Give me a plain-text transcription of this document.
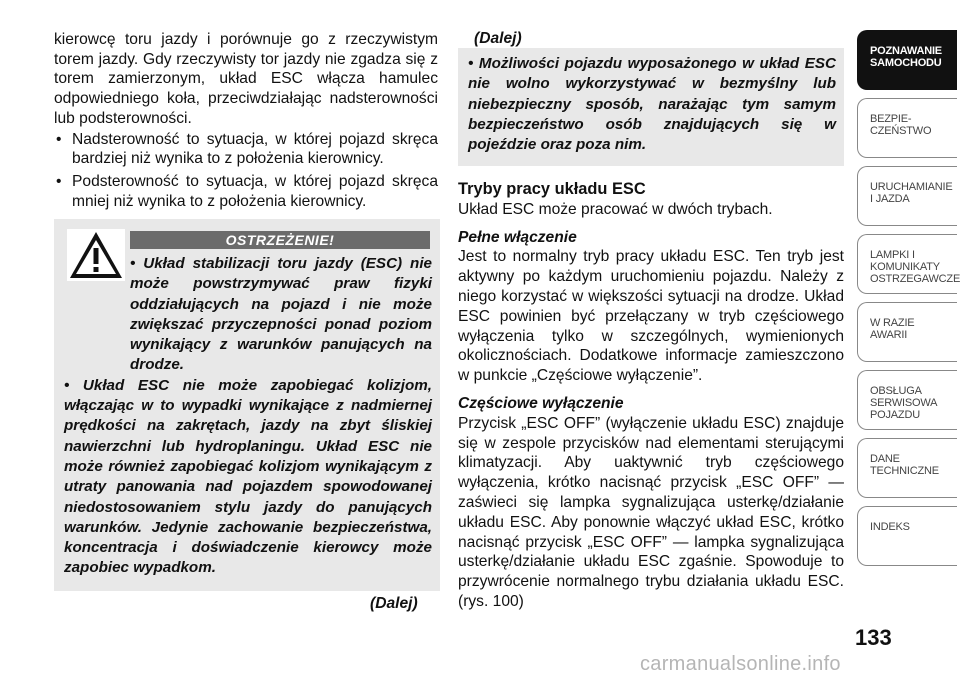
kierowcę toru jazdy i porównuje go z rzeczywistym torem jazdy. Gdy rzeczywisty tor jazdy nie zgadza się z torem zamierzonym, układ ESC włącza hamulec odpowiedniego koła, przeciwdziałając nadsterowności lub podsterowności.

• Nadsterowność to sytuacja, w której pojazd skręca bardziej niż wynika to z położenia kierownicy.
• Podsterowność to sytuacja, w której pojazd skręca mniej niż wynika to z położenia kierownicy.
OSTRZEŻENIE!

• Układ stabilizacji toru jazdy (ESC) nie może powstrzymywać praw fizyki oddziałujących na pojazd i nie może zwiększać przyczepności ponad poziom wynikający z warunków panujących na drodze.

• Układ ESC nie może zapobiegać kolizjom, włączając w to wypadki wynikające z nadmiernej prędkości na zakrętach, jazdy na zbyt śliskiej nawierzchni lub hydroplaningu. Układ ESC nie może również zapobiegać kolizjom wynikającym z utraty panowania nad pojazdem spowodowanej niedostosowaniem stylu jazdy do panujących warunków. Jedynie zachowanie bezpieczeństwa, koncentracja i doświadczenie kierowcy może zapobiec wypadkom.

(Dalej)
(Dalej)

• Możliwości pojazdu wyposażonego w układ ESC nie wolno wykorzystywać w bezmyślny lub niebezpieczny sposób, narażając tym samym bezpieczeństwo osób znajdujących się w pojeździe oraz poza nim.

Tryby pracy układu ESC

Układ ESC może pracować w dwóch trybach.

Pełne włączenie

Jest to normalny tryb pracy układu ESC. Ten tryb jest aktywny po każdym uruchomieniu pojazdu. Należy z niego korzystać w większości sytuacji na drodze. Układ ESC powinien być przełączany w tryb częściowego wyłączenia tylko w szczególnych, wymienionych okolicznościach. Dodatkowe informacje zamieszczono w punkcie „Częściowe wyłączenie”.

Częściowe wyłączenie

Przycisk „ESC OFF” (wyłączenie układu ESC) znajduje się w zespole przycisków nad elementami sterującymi klimatyzacji. Aby uaktywnić tryb częściowego wyłączenia, krótko nacisnąć przycisk „ESC OFF” — zaświeci się lampka sygnalizująca usterkę/działanie układu ESC. Aby ponownie włączyć układ ESC, krótko nacisnąć przycisk „ESC OFF” — lampka sygnalizująca usterkę/działanie układu ESC zgaśnie. Spowoduje to przywrócenie normalnego trybu działania układu ESC. (rys. 100)

POZNAWANIE
SAMOCHODU
BEZPIE-
CZEŃSTWO
URUCHAMIANIE
I JAZDA
LAMPKI I
KOMUNIKATY
OSTRZEGAWCZE
W RAZIE
AWARII
OBSŁUGA
SERWISOWA
POJAZDU
DANE
TECHNICZNE
INDEKS
133
carmanualsonline.info
